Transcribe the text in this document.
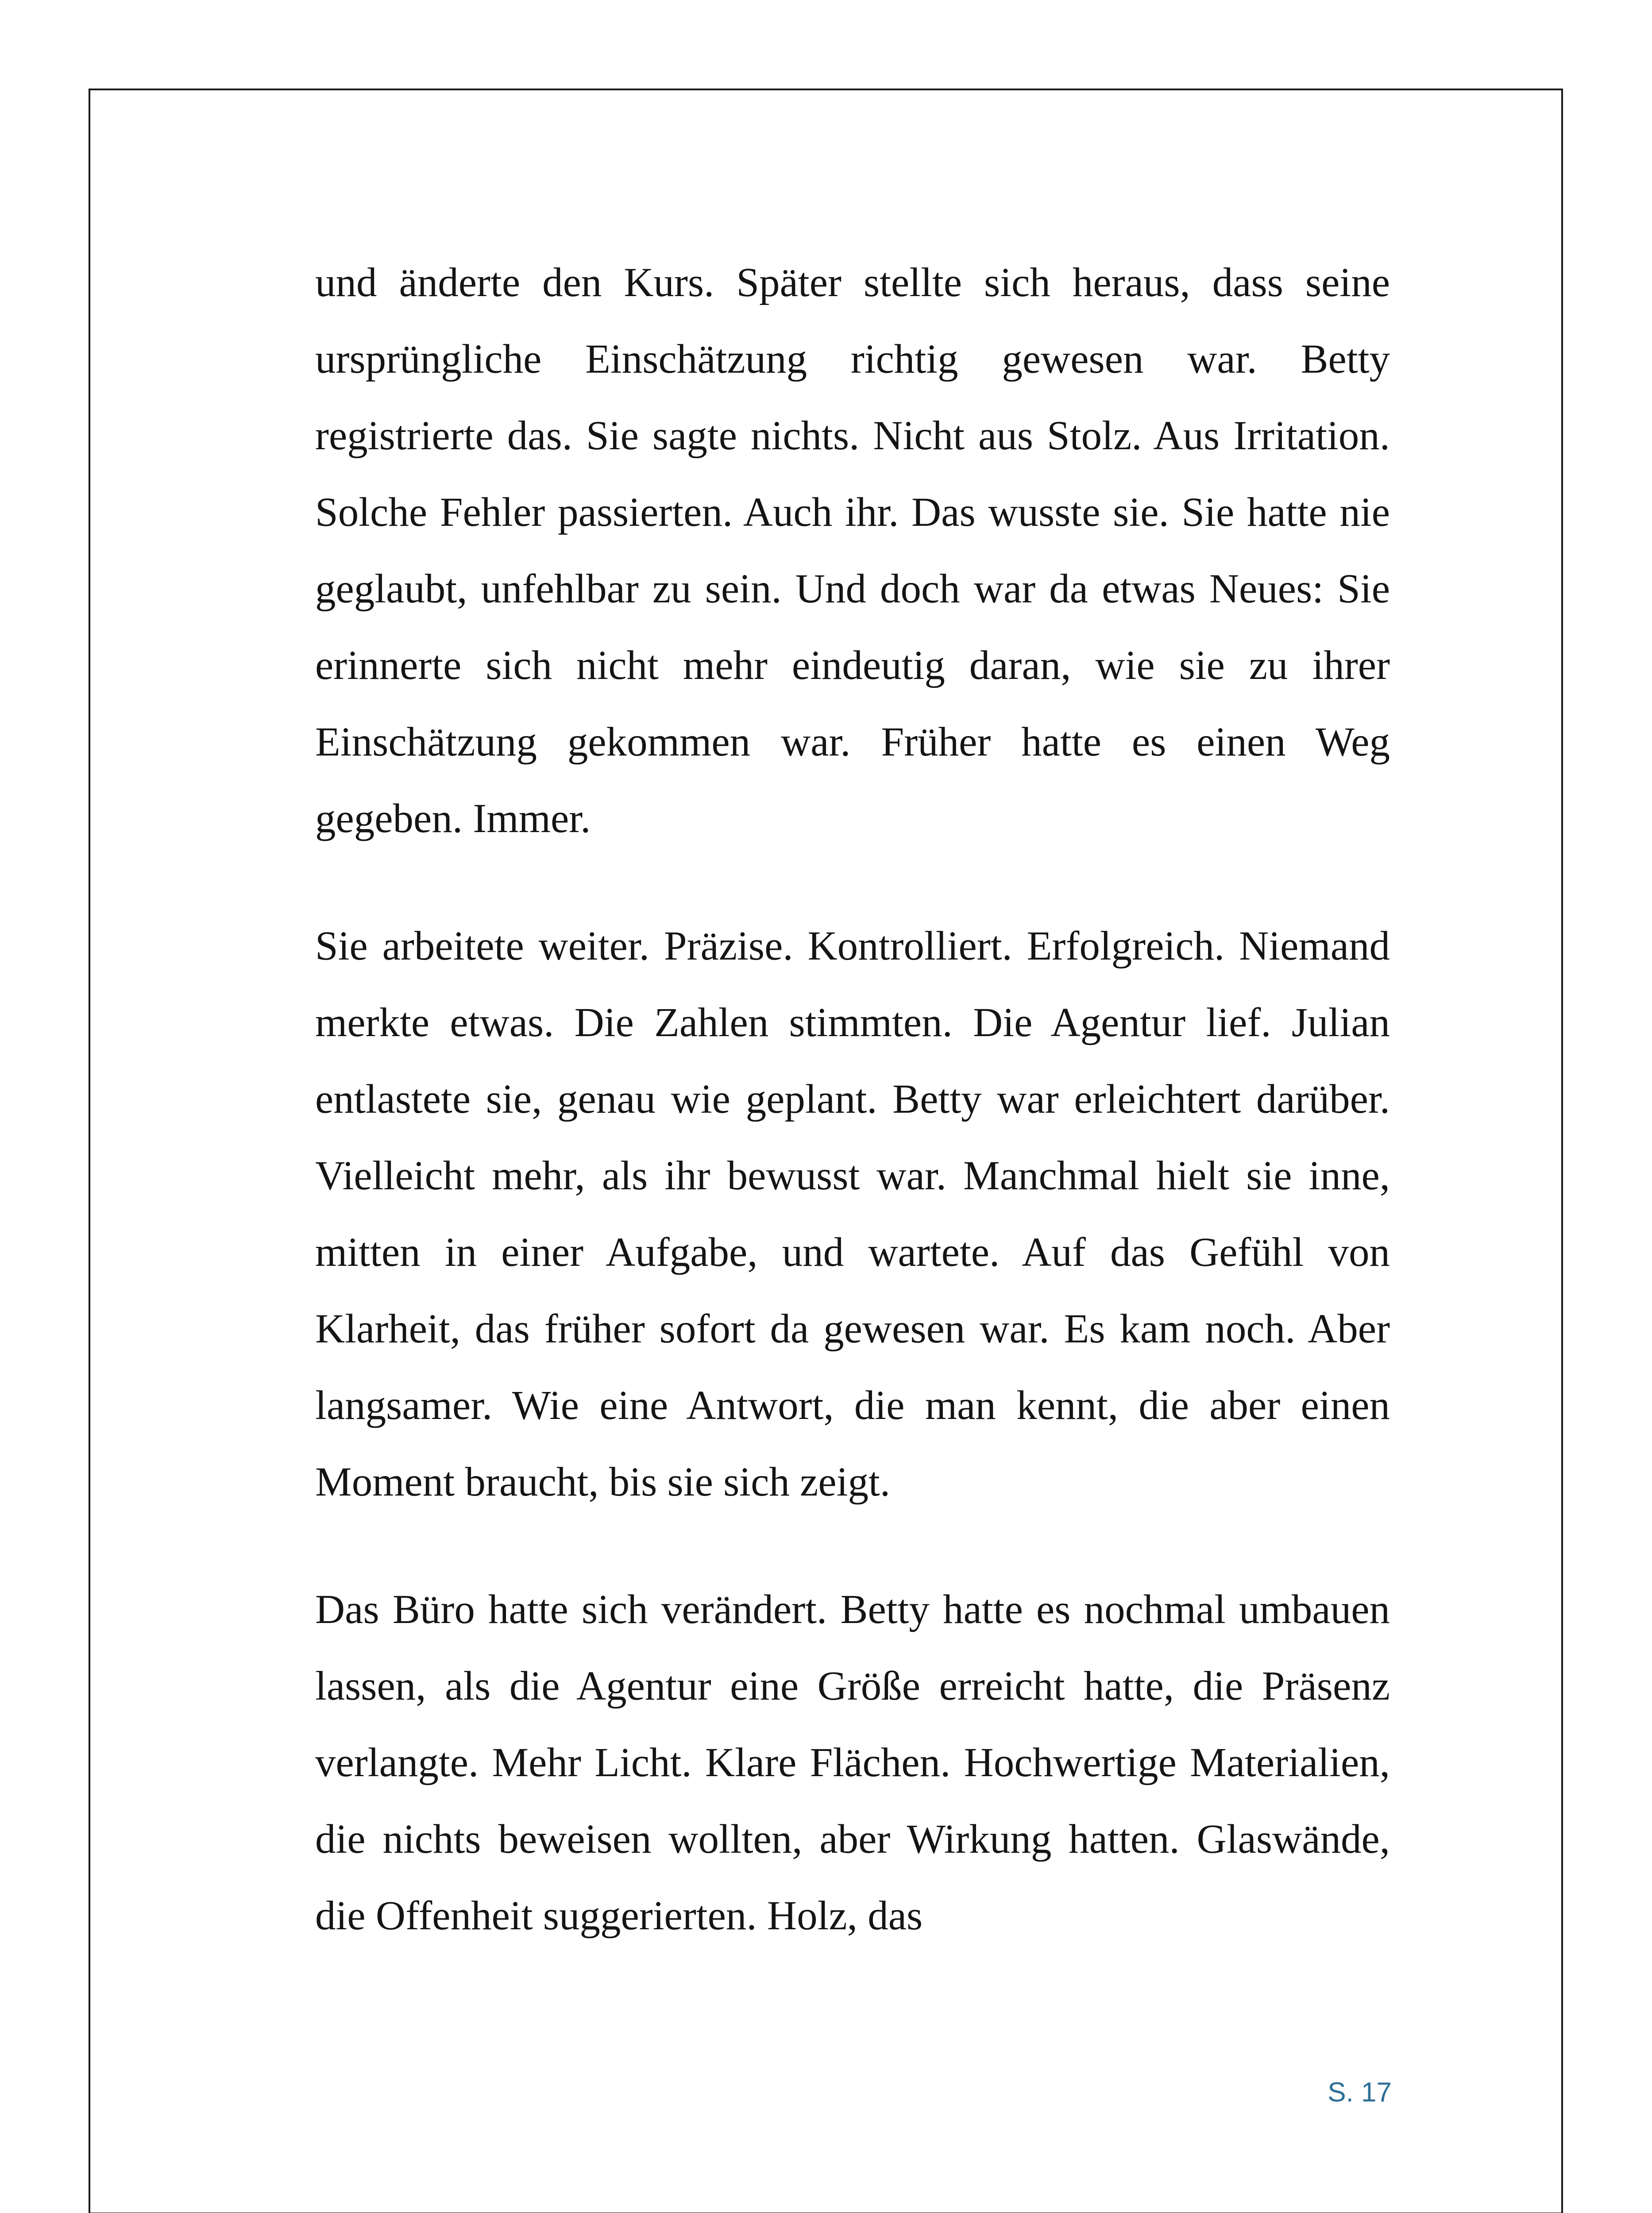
und änderte den Kurs. Später stellte sich heraus, dass seine ursprüngliche Einschätzung richtig gewesen war. Betty registrierte das. Sie sagte nichts. Nicht aus Stolz. Aus Irritation. Solche Fehler passierten. Auch ihr. Das wusste sie. Sie hatte nie geglaubt, unfehlbar zu sein. Und doch war da etwas Neues: Sie erinnerte sich nicht mehr eindeutig daran, wie sie zu ihrer Einschätzung gekommen war. Früher hatte es einen Weg gegeben. Immer.

Sie arbeitete weiter. Präzise. Kontrolliert. Erfolgreich. Niemand merkte etwas. Die Zahlen stimmten. Die Agentur lief. Julian entlastete sie, genau wie geplant. Betty war erleichtert darüber. Vielleicht mehr, als ihr bewusst war. Manchmal hielt sie inne, mitten in einer Aufgabe, und wartete. Auf das Gefühl von Klarheit, das früher sofort da gewesen war. Es kam noch. Aber langsamer. Wie eine Antwort, die man kennt, die aber einen Moment braucht, bis sie sich zeigt.

Das Büro hatte sich verändert. Betty hatte es nochmal umbauen lassen, als die Agentur eine Größe erreicht hatte, die Präsenz verlangte. Mehr Licht. Klare Flächen. Hochwertige Materialien, die nichts beweisen wollten, aber Wirkung hatten. Glaswände, die Offenheit suggerierten. Holz, das

S. 17
